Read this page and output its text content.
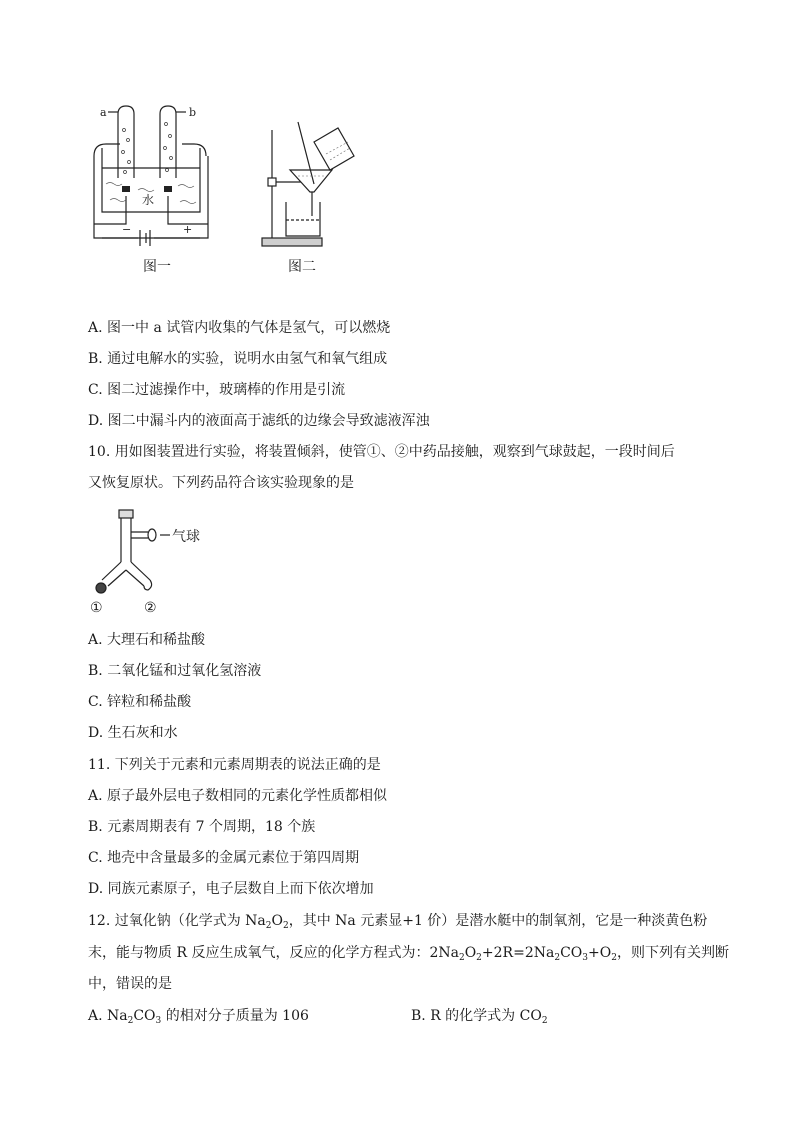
a	b
水
−	+
图一	图二
A. 图一中 a 试管内收集的气体是氢气，可以燃烧
B. 通过电解水的实验，说明水由氢气和氧气组成
C. 图二过滤操作中，玻璃棒的作用是引流
D. 图二中漏斗内的液面高于滤纸的边缘会导致滤液浑浊
10. 用如图装置进行实验，将装置倾斜，使管①、②中药品接触，观察到气球鼓起，一段时间后
又恢复原状。下列药品符合该实验现象的是
气球
①	②
A. 大理石和稀盐酸
B. 二氧化锰和过氧化氢溶液
C. 锌粒和稀盐酸
D. 生石灰和水
11. 下列关于元素和元素周期表的说法正确的是
A. 原子最外层电子数相同的元素化学性质都相似
B. 元素周期表有 7 个周期，18 个族
C. 地壳中含量最多的金属元素位于第四周期
D. 同族元素原子，电子层数自上而下依次增加
12. 过氧化钠（化学式为 $Na_2O_2$，其中 Na 元素显+1 价）是潜水艇中的制氧剂，它是一种淡黄色粉
末，能与物质 R 反应生成氧气，反应的化学方程式为：$2Na_2O_2+2R=2Na_2CO_3+O_2$，则下列有关判断
中，错误的是
A. $Na_2CO_3$ 的相对分子质量为 106	B. R 的化学式为 $CO_2$
